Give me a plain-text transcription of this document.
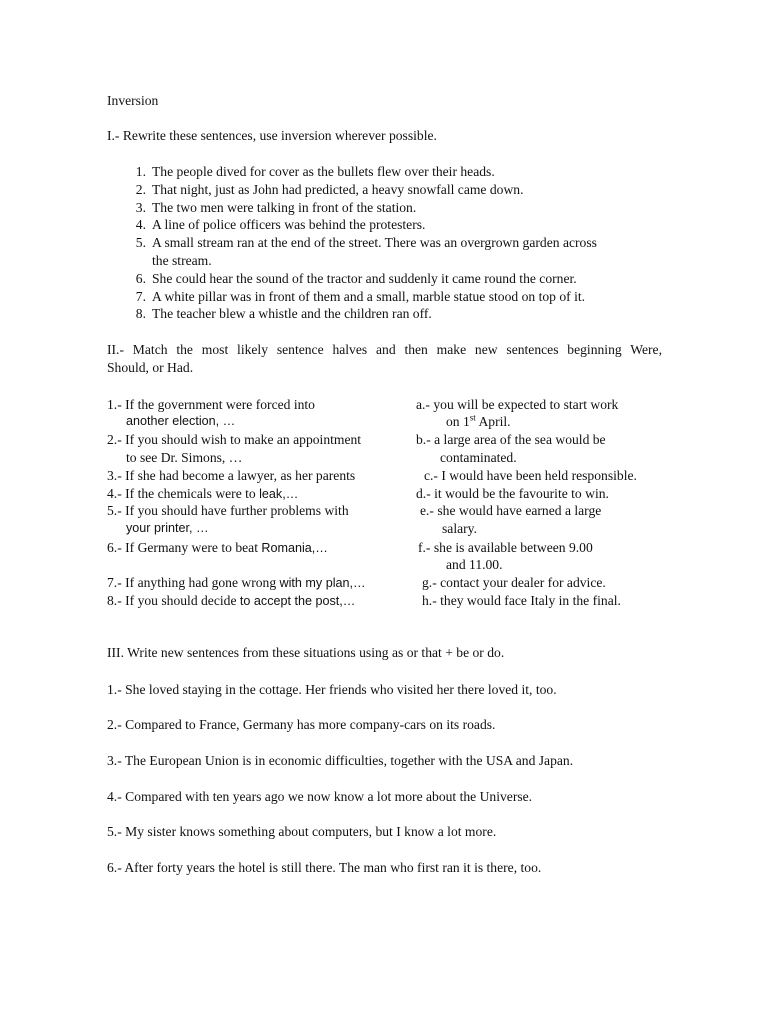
Inversion
I.- Rewrite these sentences, use inversion wherever possible.
1. The people dived for cover as the bullets flew over their heads.
2. That night, just as John had predicted, a heavy snowfall came down.
3. The two men were talking in front of the station.
4. A line of police officers was behind the protesters.
5. A small stream ran at the end of the street. There was an overgrown garden across
the stream.
6. She could hear the sound of the tractor and suddenly it came round the corner.
7. A white pillar was in front of them and a small, marble statue stood on top of it.
8. The teacher blew a whistle and the children ran off.
II.- Match the most likely sentence halves and then make new sentences beginning Were,
Should, or Had.
1.- If the government were forced into
another election, …
2.- If you should wish to make an appointment
to see Dr. Simons, …
3.- If she had become a lawyer, as her parents
4.- If the chemicals were to leak,…
5.- If you should have further problems with
your printer, …
6.- If Germany were to beat Romania,…
7.- If anything had gone wrong with my plan,…
8.- If you should decide to accept the post,…
a.- you will be expected to start work
on 1st April.
b.- a large area of the sea would be
contaminated.
c.- I would have been held responsible.
d.- it would be the favourite to win.
e.- she would have earned a large
salary.
f.- she is available between 9.00
and 11.00.
g.- contact your dealer for advice.
h.- they would face Italy in the final.
III. Write new sentences from these situations using as or that + be or do.
1.- She loved staying in the cottage. Her friends who visited her there loved it, too.
2.- Compared to France, Germany has more company-cars on its roads.
3.- The European Union is in economic difficulties, together with the USA and Japan.
4.- Compared with ten years ago we now know a lot more about the Universe.
5.- My sister knows something about computers, but I know a lot more.
6.- After forty years the hotel is still there. The man who first ran it is there, too.
